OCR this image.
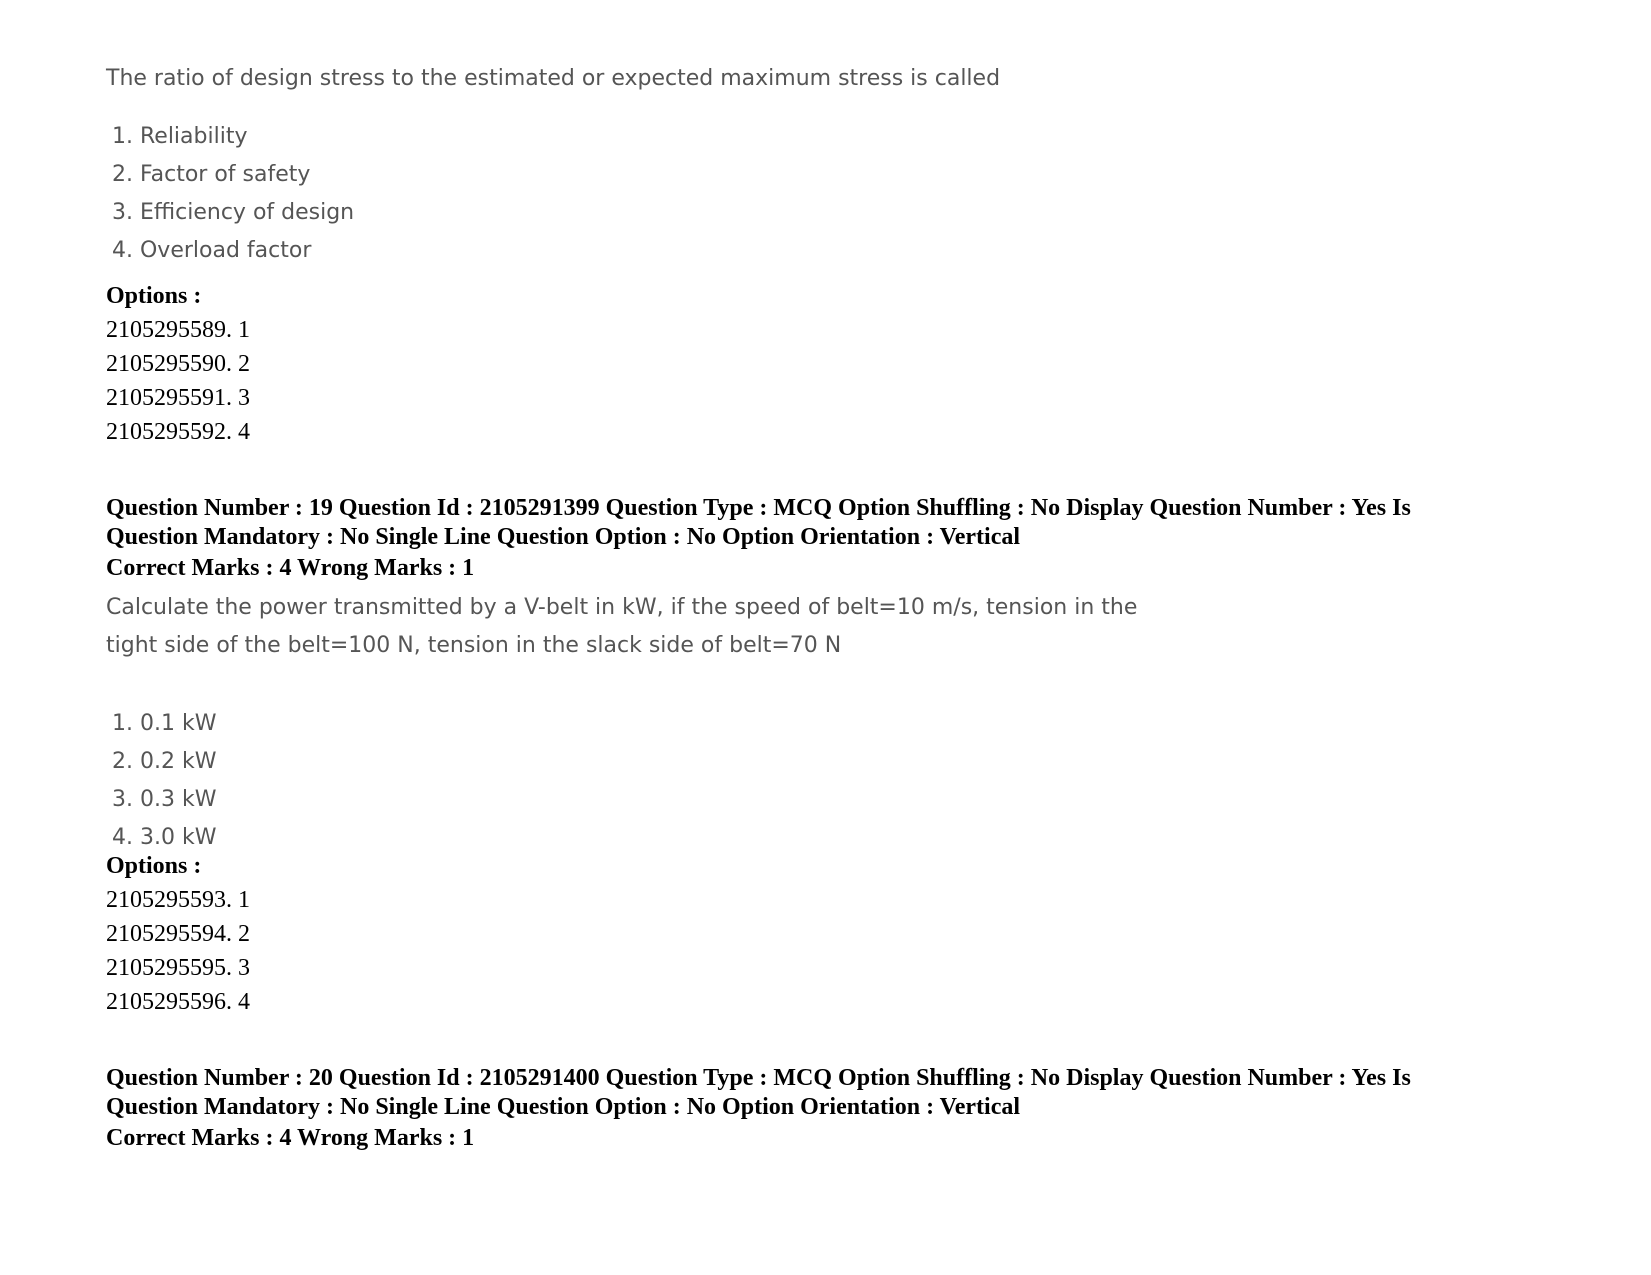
The ratio of design stress to the estimated or expected maximum stress is called

1. Reliability
2. Factor of safety
3. Efficiency of design
4. Overload factor

Options :

2105295589. 1
2105295590. 2
2105295591. 3
2105295592. 4

Question Number : 19 Question Id : 2105291399 Question Type : MCQ Option Shuffling : No Display Question Number : Yes Is

Question Mandatory : No Single Line Question Option : No Option Orientation : Vertical

Correct Marks : 4 Wrong Marks : 1

Calculate the power transmitted by a V-belt in kW, if the speed of belt=10 m/s, tension in the

tight side of the belt=100 N, tension in the slack side of belt=70 N

1. 0.1 kW
2. 0.2 kW
3. 0.3 kW
4. 3.0 kW

Options :

2105295593. 1
2105295594. 2
2105295595. 3
2105295596. 4

Question Number : 20 Question Id : 2105291400 Question Type : MCQ Option Shuffling : No Display Question Number : Yes Is

Question Mandatory : No Single Line Question Option : No Option Orientation : Vertical

Correct Marks : 4 Wrong Marks : 1
